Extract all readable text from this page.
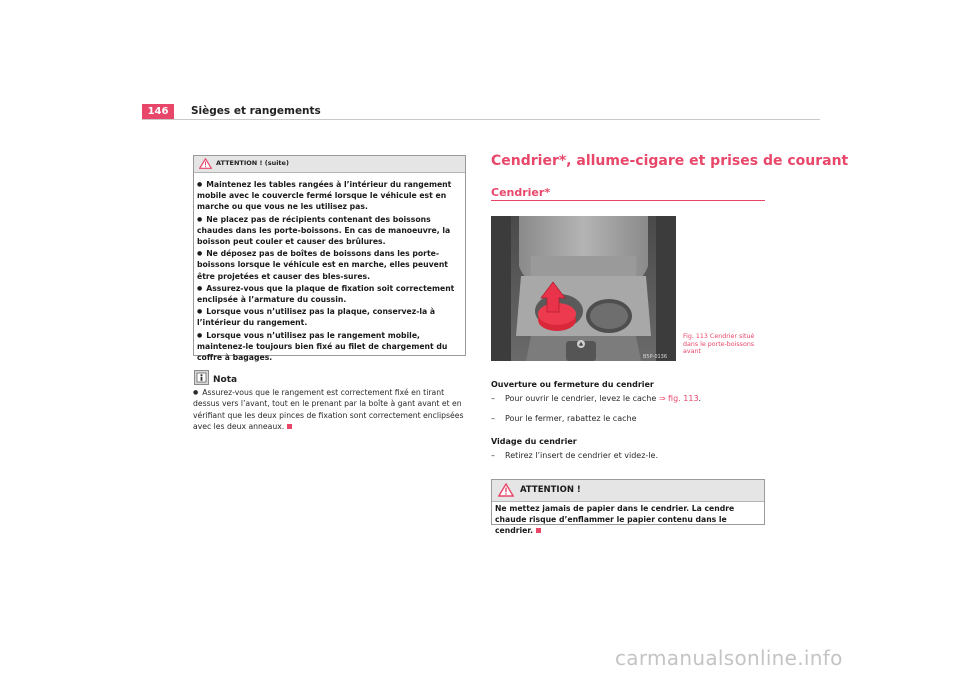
146	Sièges et rangements
ATTENTION ! (suite)

● Maintenez les tables rangées à l’intérieur du rangement mobile avec le couvercle fermé lorsque le véhicule est en marche ou que vous ne les utilisez pas.

● Ne placez pas de récipients contenant des boissons chaudes dans les porte-boissons. En cas de manoeuvre, la boisson peut couler et causer des brûlures.

● Ne déposez pas de boîtes de boissons dans les porte-boissons lorsque le véhicule est en marche, elles peuvent être projetées et causer des bles-sures.

● Assurez-vous que la plaque de fixation soit correctement enclipsée à l’armature du coussin.

● Lorsque vous n’utilisez pas la plaque, conservez-la à l’intérieur du rangement.

● Lorsque vous n’utilisez pas le rangement mobile, maintenez-le toujours bien fixé au filet de chargement du coffre à bagages.

Nota

● Assurez-vous que le rangement est correctement fixé en tirant dessus vers l’avant, tout en le prenant par la boîte à gant avant et en vérifiant que les deux pinces de fixation sont correctement enclipsées avec les deux anneaux.

Cendrier*, allume-cigare et prises de courant
Cendrier*
B5P-0136
Fig. 113 Cendrier situé dans le porte-boissons avant
Ouverture ou fermeture du cendrier
– Pour ouvrir le cendrier, levez le cache ⇒ fig. 113.
– Pour le fermer, rabattez le cache
Vidage du cendrier
– Retirez l’insert de cendrier et videz-le.
ATTENTION !

Ne mettez jamais de papier dans le cendrier. La cendre chaude risque d’enflammer le papier contenu dans le cendrier.

carmanualsonline.info
